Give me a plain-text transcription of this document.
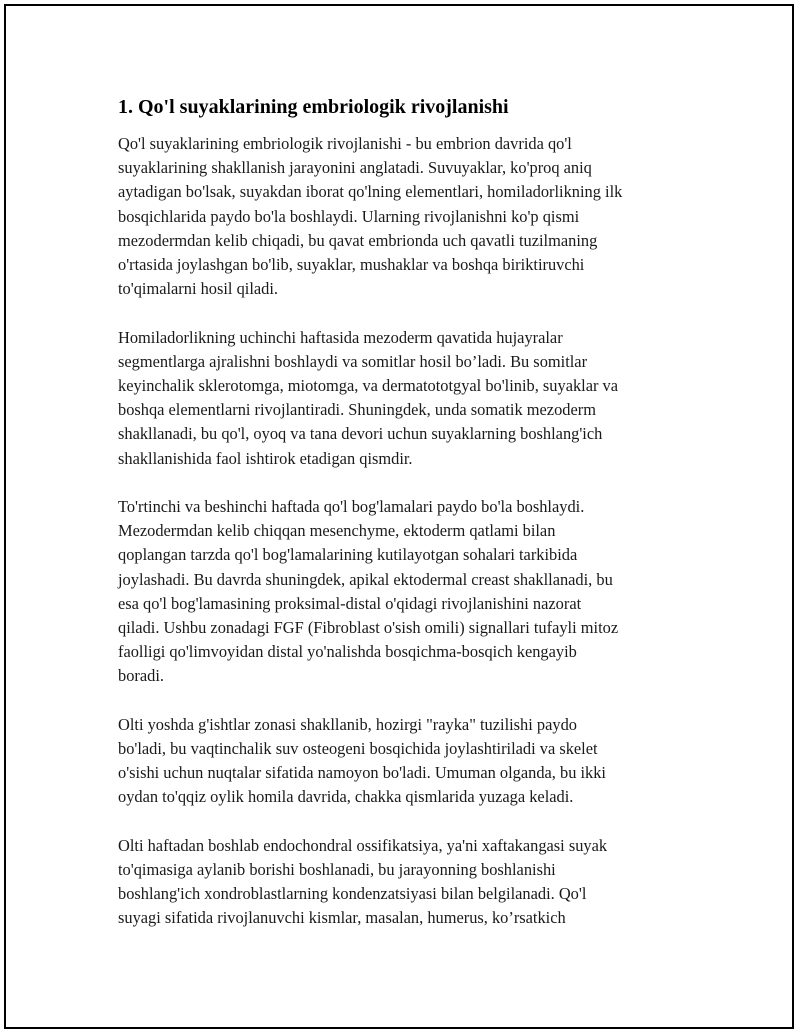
1. Qo'l suyaklarining embriologik rivojlanishi

Qo'l suyaklarining embriologik rivojlanishi - bu embrion davrida qo'l
suyaklarining shakllanish jarayonini anglatadi. Suvuyaklar, ko'proq aniq
aytadigan bo'lsak, suyakdan iborat qo'lning elementlari, homiladorlikning ilk
bosqichlarida paydo bo'la boshlaydi. Ularning rivojlanishni ko'p qismi
mezodermdan kelib chiqadi, bu qavat embrionda uch qavatli tuzilmaning
o'rtasida joylashgan bo'lib, suyaklar, mushaklar va boshqa biriktiruvchi
to'qimalarni hosil qiladi.

Homiladorlikning uchinchi haftasida mezoderm qavatida hujayralar
segmentlarga ajralishni boshlaydi va somitlar hosil bo’ladi. Bu somitlar
keyinchalik sklerotomga, miotomga, va dermatototgyal bo'linib, suyaklar va
boshqa elementlarni rivojlantiradi. Shuningdek, unda somatik mezoderm
shakllanadi, bu qo'l, oyoq va tana devori uchun suyaklarning boshlang'ich
shakllanishida faol ishtirok etadigan qismdir.

To'rtinchi va beshinchi haftada qo'l bog'lamalari paydo bo'la boshlaydi.
Mezodermdan kelib chiqqan mesenchyme, ektoderm qatlami bilan
qoplangan tarzda qo'l bog'lamalarining kutilayotgan sohalari tarkibida
joylashadi. Bu davrda shuningdek, apikal ektodermal creast shakllanadi, bu
esa qo'l bog'lamasining proksimal-distal o'qidagi rivojlanishini nazorat
qiladi. Ushbu zonadagi FGF (Fibroblast o'sish omili) signallari tufayli mitoz
faolligi qo'limvoyidan distal yo'nalishda bosqichma-bosqich kengayib
boradi.

Olti yoshda g'ishtlar zonasi shakllanib, hozirgi "rayka" tuzilishi paydo
bo'ladi, bu vaqtinchalik suv osteogeni bosqichida joylashtiriladi va skelet
o'sishi uchun nuqtalar sifatida namoyon bo'ladi. Umuman olganda, bu ikki
oydan to'qqiz oylik homila davrida, chakka qismlarida yuzaga keladi.

Olti haftadan boshlab endochondral ossifikatsiya, ya'ni xaftakangasi suyak
to'qimasiga aylanib borishi boshlanadi, bu jarayonning boshlanishi
boshlang'ich xondroblastlarning kondenzatsiyasi bilan belgilanadi. Qo'l
suyagi sifatida rivojlanuvchi kismlar, masalan, humerus, ko’rsatkich
